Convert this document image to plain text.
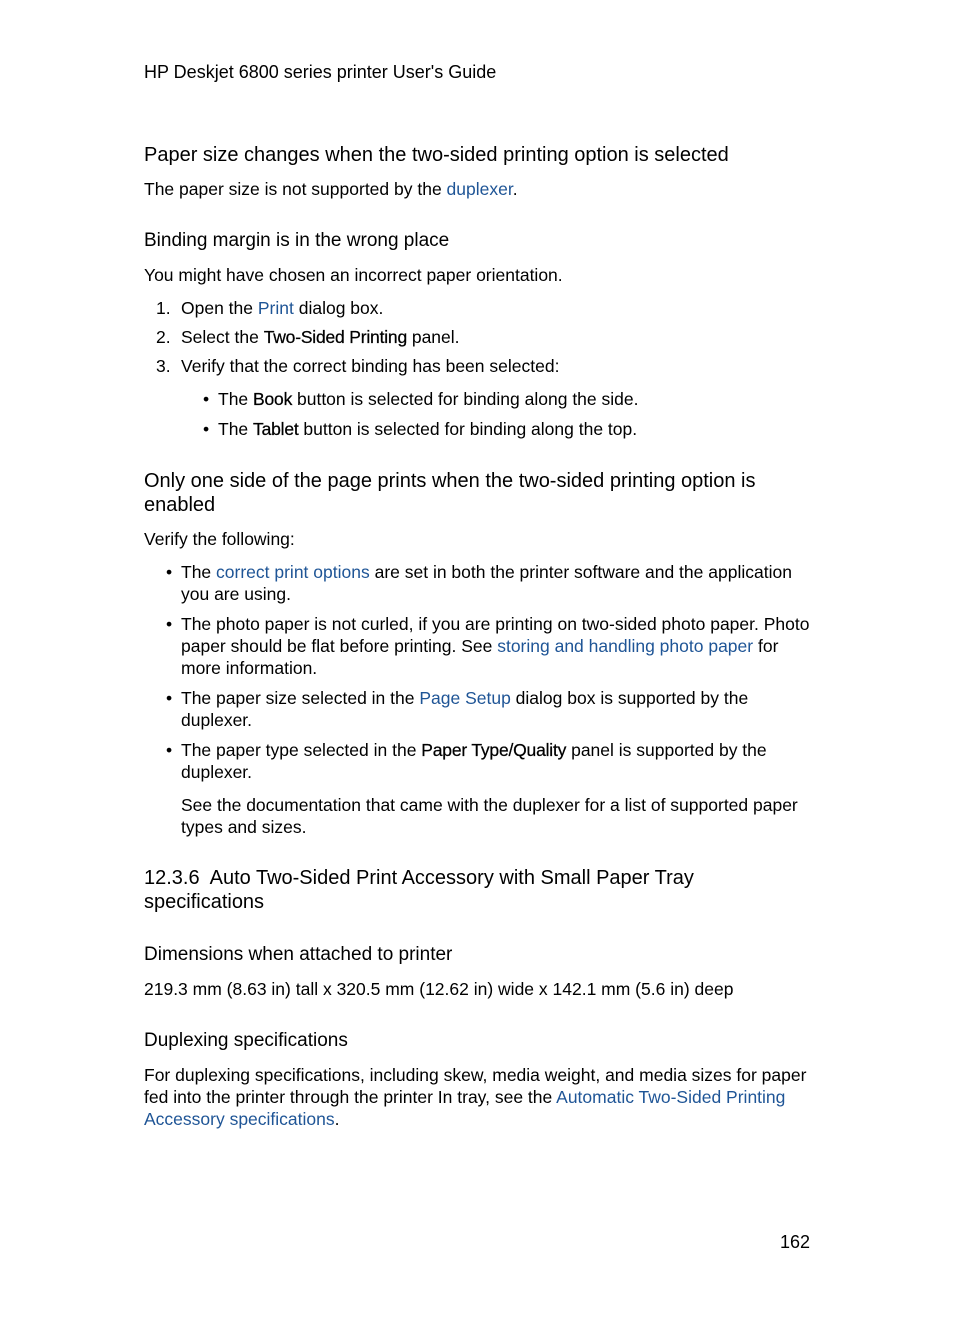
HP Deskjet 6800 series printer User's Guide
Paper size changes when the two-sided printing option is selected

The paper size is not supported by the duplexer.

Binding margin is in the wrong place

You might have chosen an incorrect paper orientation.

1. Open the Print dialog box.
2. Select the Two-Sided Printing panel.
3. Verify that the correct binding has been selected:
• The Book button is selected for binding along the side.
• The Tablet button is selected for binding along the top.
Only one side of the page prints when the two-sided printing option is enabled

Verify the following:

• The correct print options are set in both the printer software and the application you are using.
• The photo paper is not curled, if you are printing on two-sided photo paper. Photo paper should be flat before printing. See storing and handling photo paper for more information.
• The paper size selected in the Page Setup dialog box is supported by the duplexer.
• The paper type selected in the Paper Type/Quality panel is supported by the duplexer.
See the documentation that came with the duplexer for a list of supported paper types and sizes.
12.3.6 Auto Two-Sided Print Accessory with Small Paper Tray specifications
Dimensions when attached to printer

219.3 mm (8.63 in) tall x 320.5 mm (12.62 in) wide x 142.1 mm (5.6 in) deep

Duplexing specifications

For duplexing specifications, including skew, media weight, and media sizes for paper fed into the printer through the printer In tray, see the Automatic Two-Sided Printing Accessory specifications.

162
